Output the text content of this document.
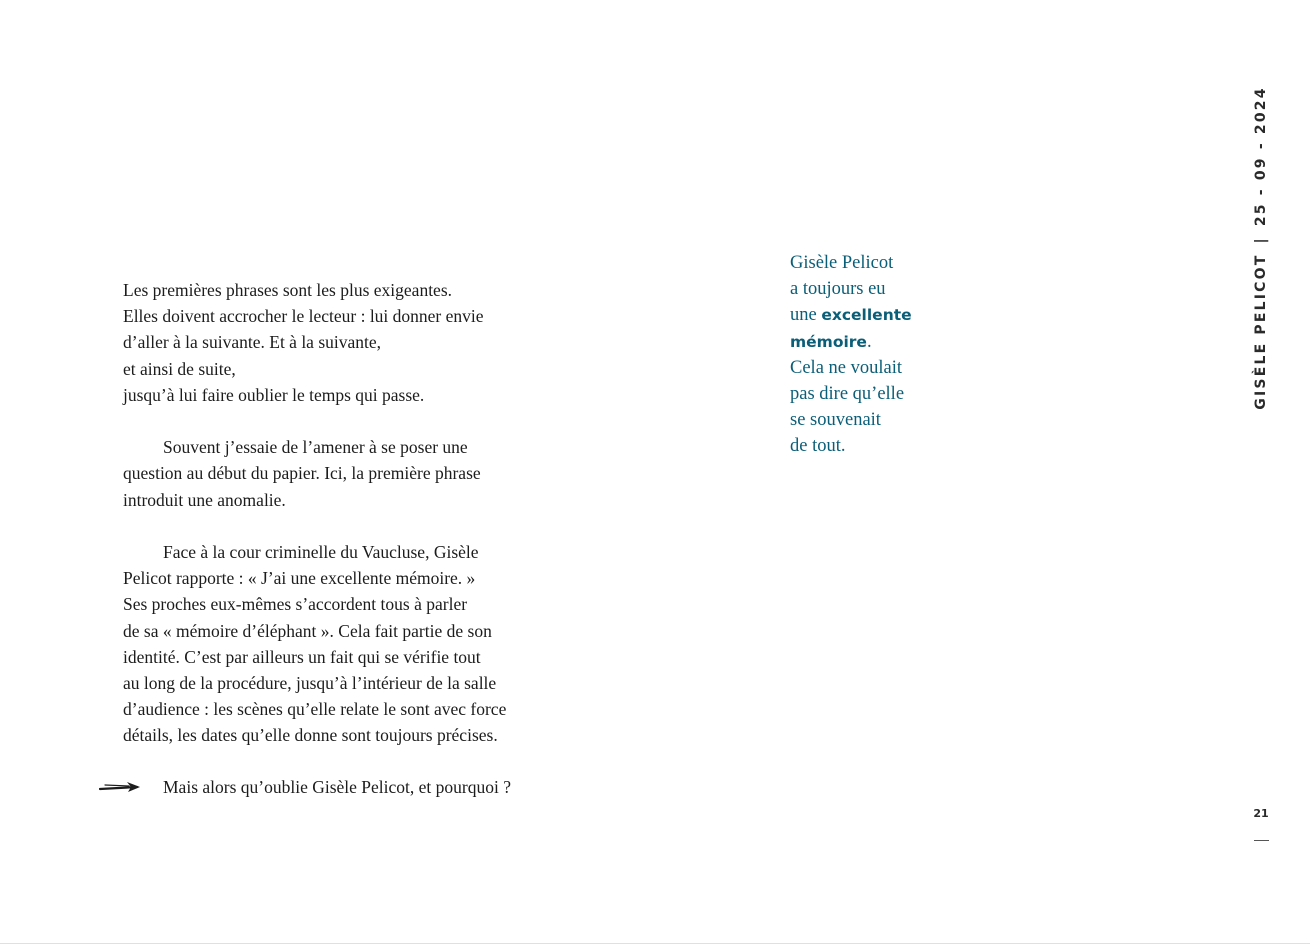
Les premières phrases sont les plus exigeantes.
Elles doivent accrocher le lecteur : lui donner envie
d’aller à la suivante. Et à la suivante,
et ainsi de suite,
jusqu’à lui faire oublier le temps qui passe.

Souvent j’essaie de l’amener à se poser une
question au début du papier. Ici, la première phrase
introduit une anomalie.

Face à la cour criminelle du Vaucluse, Gisèle
Pelicot rapporte : « J’ai une excellente mémoire. »
Ses proches eux-mêmes s’accordent tous à parler
de sa « mémoire d’éléphant ». Cela fait partie de son
identité. C’est par ailleurs un fait qui se vérifie tout
au long de la procédure, jusqu’à l’intérieur de la salle
d’audience : les scènes qu’elle relate le sont avec force
détails, les dates qu’elle donne sont toujours précises.

Mais alors qu’oublie Gisèle Pelicot, et pourquoi ?
Gisèle Pelicot
a toujours eu
une excellente
mémoire.
Cela ne voulait
pas dire qu’elle
se souvenait
de tout.
GISÈLE PELICOT|25 - 09 - 2024
21
